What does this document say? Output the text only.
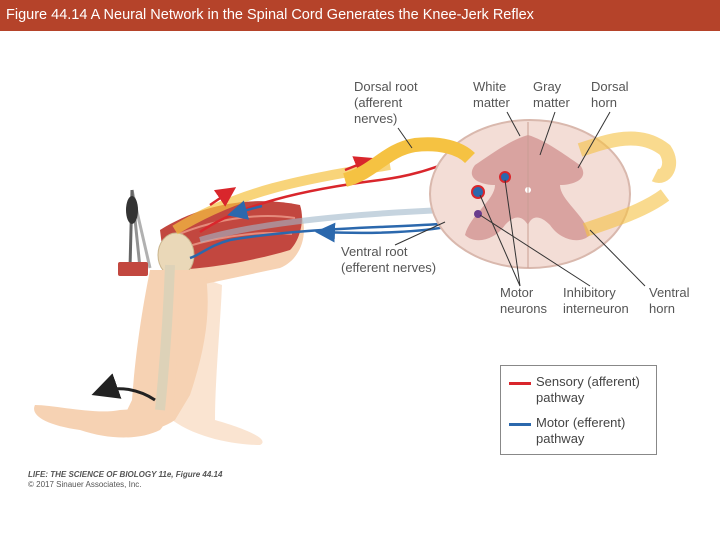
Figure 44.14 A Neural Network in the Spinal Cord Generates the Knee-Jerk Reflex
Dorsal root
(afferent
nerves)
White
matter
Gray
matter
Dorsal
horn
Ventral root
(efferent nerves)
Motor
neurons
Inhibitory
interneuron
Ventral
horn
Sensory (afferent)
pathway
Motor (efferent)
pathway
LIFE: THE SCIENCE OF BIOLOGY 11e, Figure 44.14
© 2017 Sinauer Associates, Inc.
